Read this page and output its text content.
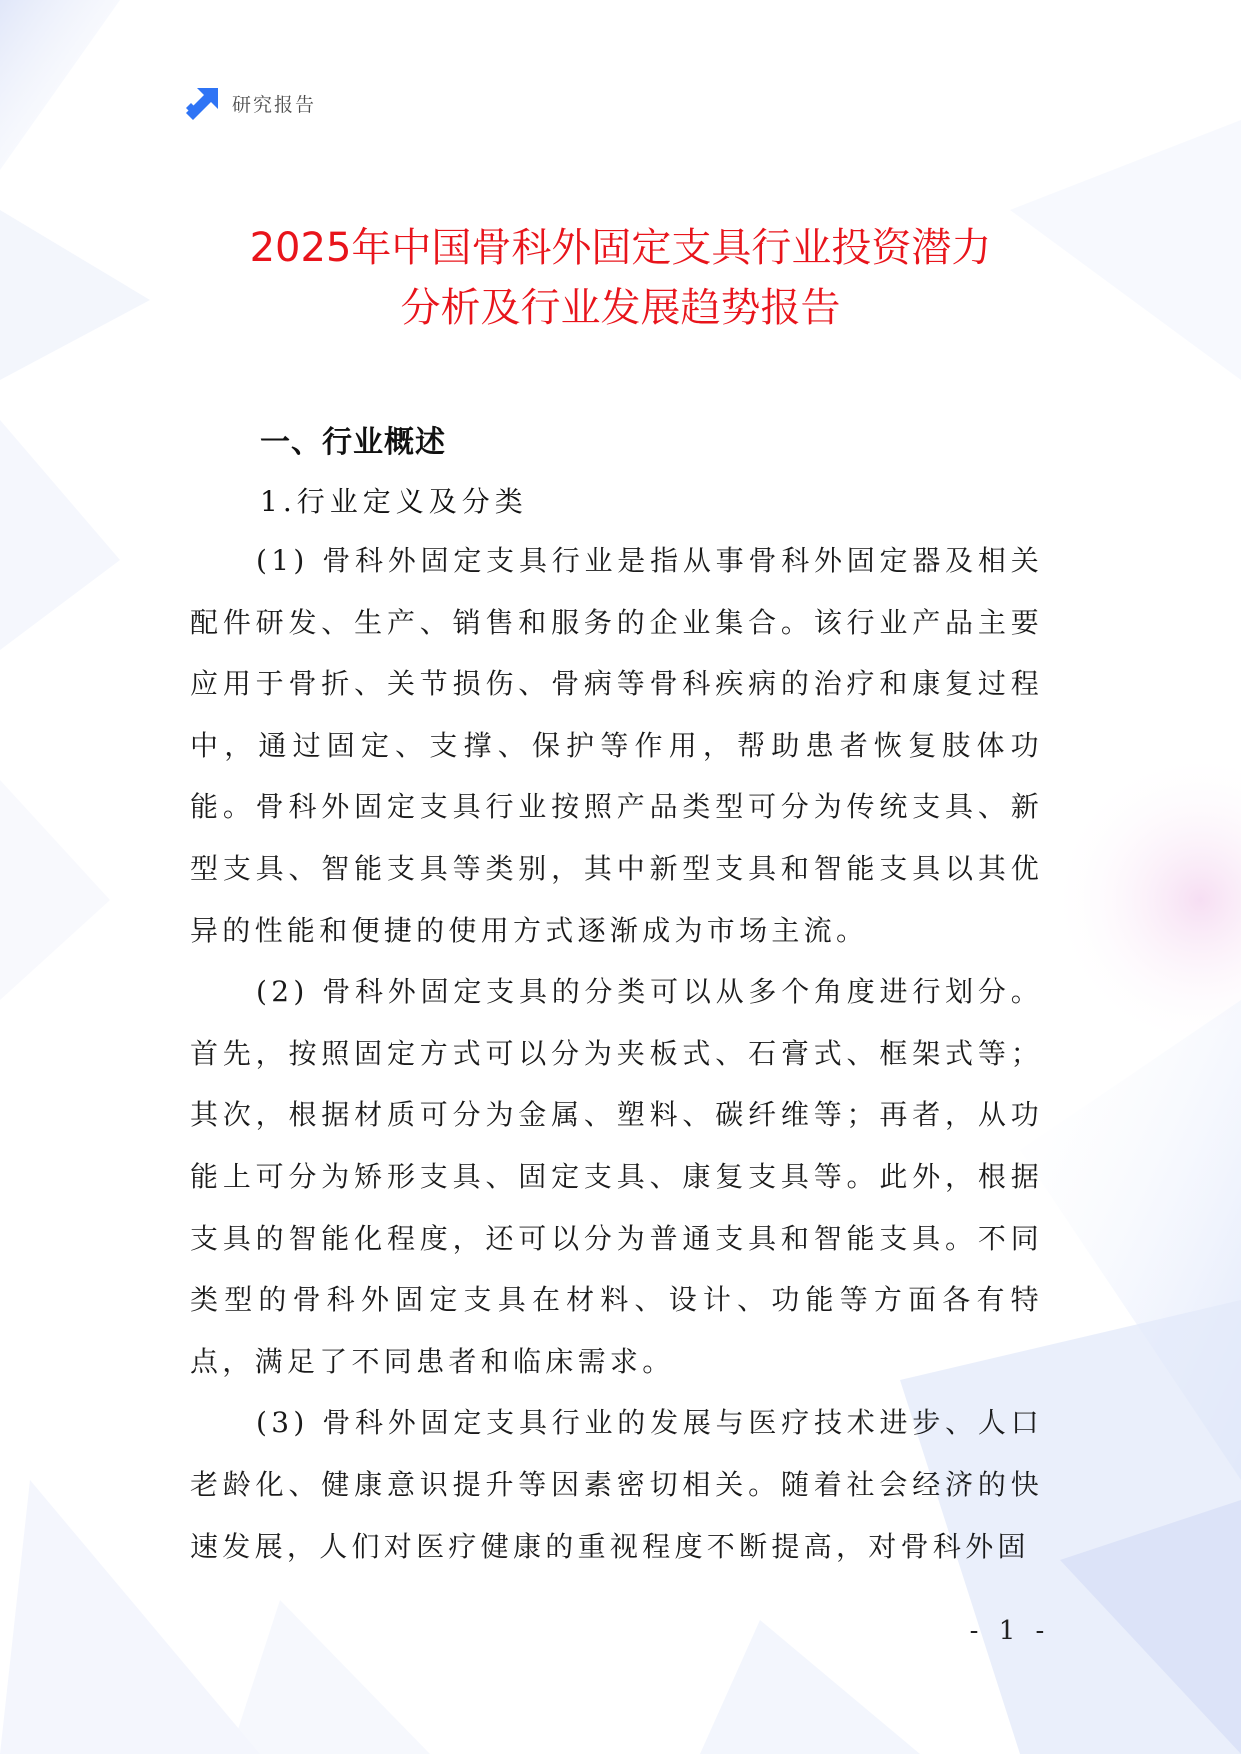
研究报告
2025年中国骨科外固定支具行业投资潜力
分析及行业发展趋势报告
一、行业概述
1.行业定义及分类

(1) 骨科外固定支具行业是指从事骨科外固定器及相关配件研发、生产、销售和服务的企业集合。该行业产品主要应用于骨折、关节损伤、骨病等骨科疾病的治疗和康复过程中，通过固定、支撑、保护等作用，帮助患者恢复肢体功能。骨科外固定支具行业按照产品类型可分为传统支具、新型支具、智能支具等类别，其中新型支具和智能支具以其优异的性能和便捷的使用方式逐渐成为市场主流。

(2) 骨科外固定支具的分类可以从多个角度进行划分。首先，按照固定方式可以分为夹板式、石膏式、框架式等；其次，根据材质可分为金属、塑料、碳纤维等；再者，从功能上可分为矫形支具、固定支具、康复支具等。此外，根据支具的智能化程度，还可以分为普通支具和智能支具。不同类型的骨科外固定支具在材料、设计、功能等方面各有特点，满足了不同患者和临床需求。

(3) 骨科外固定支具行业的发展与医疗技术进步、人口老龄化、健康意识提升等因素密切相关。随着社会经济的快速发展，人们对医疗健康的重视程度不断提高，对骨科外固

- 1 -
